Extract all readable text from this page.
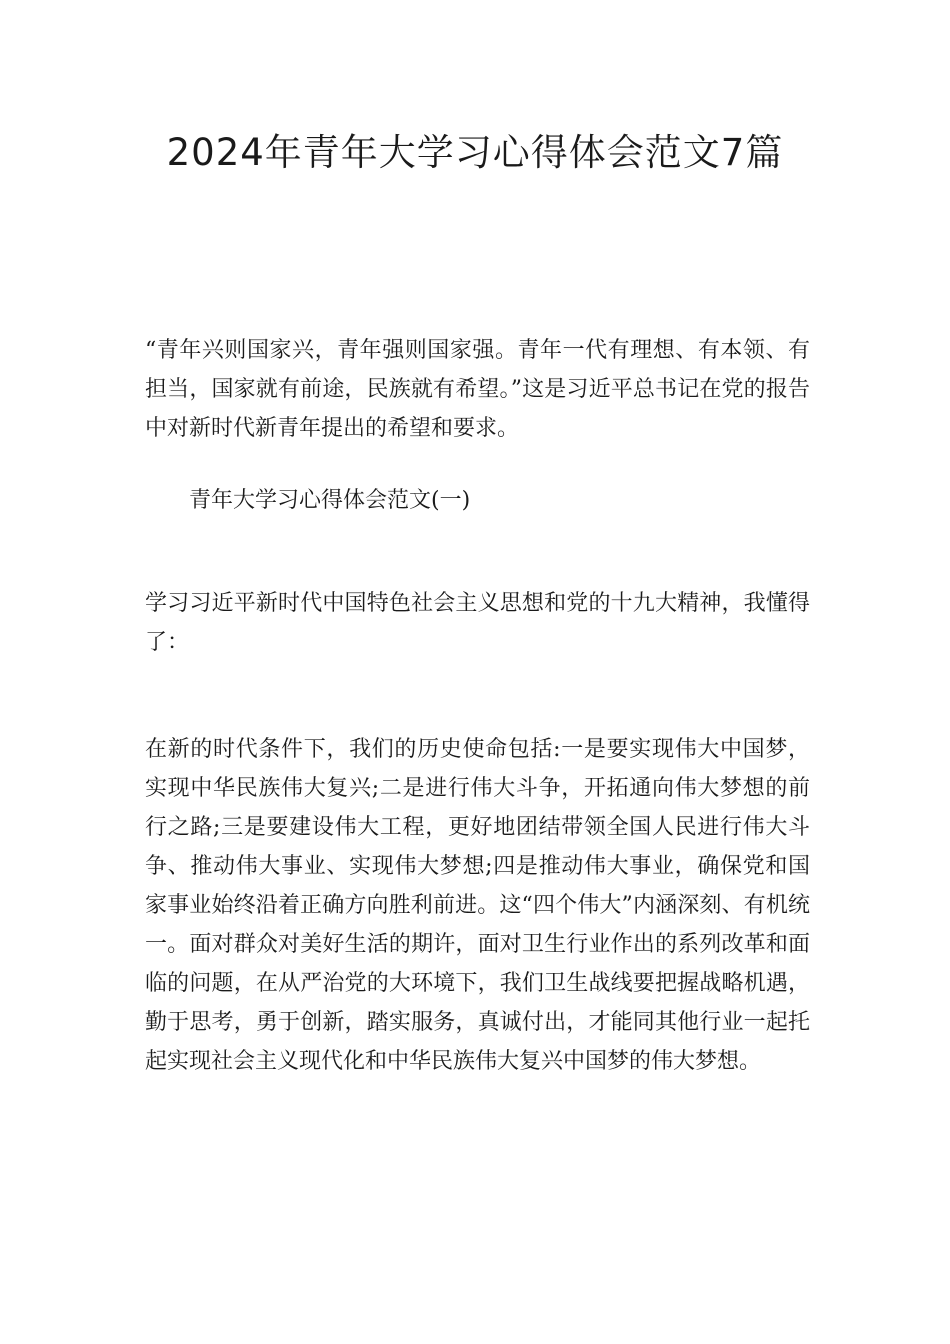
2024年青年大学习心得体会范文7篇

“青年兴则国家兴，青年强则国家强。青年一代有理想、有本领、有担当，国家就有前途，民族就有希望。”这是习近平总书记在党的报告中对新时代新青年提出的希望和要求。

青年大学习心得体会范文(一)

学习习近平新时代中国特色社会主义思想和党的十九大精神，我懂得了：

在新的时代条件下，我们的历史使命包括:一是要实现伟大中国梦，实现中华民族伟大复兴;二是进行伟大斗争，开拓通向伟大梦想的前行之路;三是要建设伟大工程，更好地团结带领全国人民进行伟大斗争、推动伟大事业、实现伟大梦想;四是推动伟大事业，确保党和国家事业始终沿着正确方向胜利前进。这“四个伟大”内涵深刻、有机统一。面对群众对美好生活的期许，面对卫生行业作出的系列改革和面临的问题，在从严治党的大环境下，我们卫生战线要把握战略机遇，勤于思考，勇于创新，踏实服务，真诚付出，才能同其他行业一起托起实现社会主义现代化和中华民族伟大复兴中国梦的伟大梦想。
